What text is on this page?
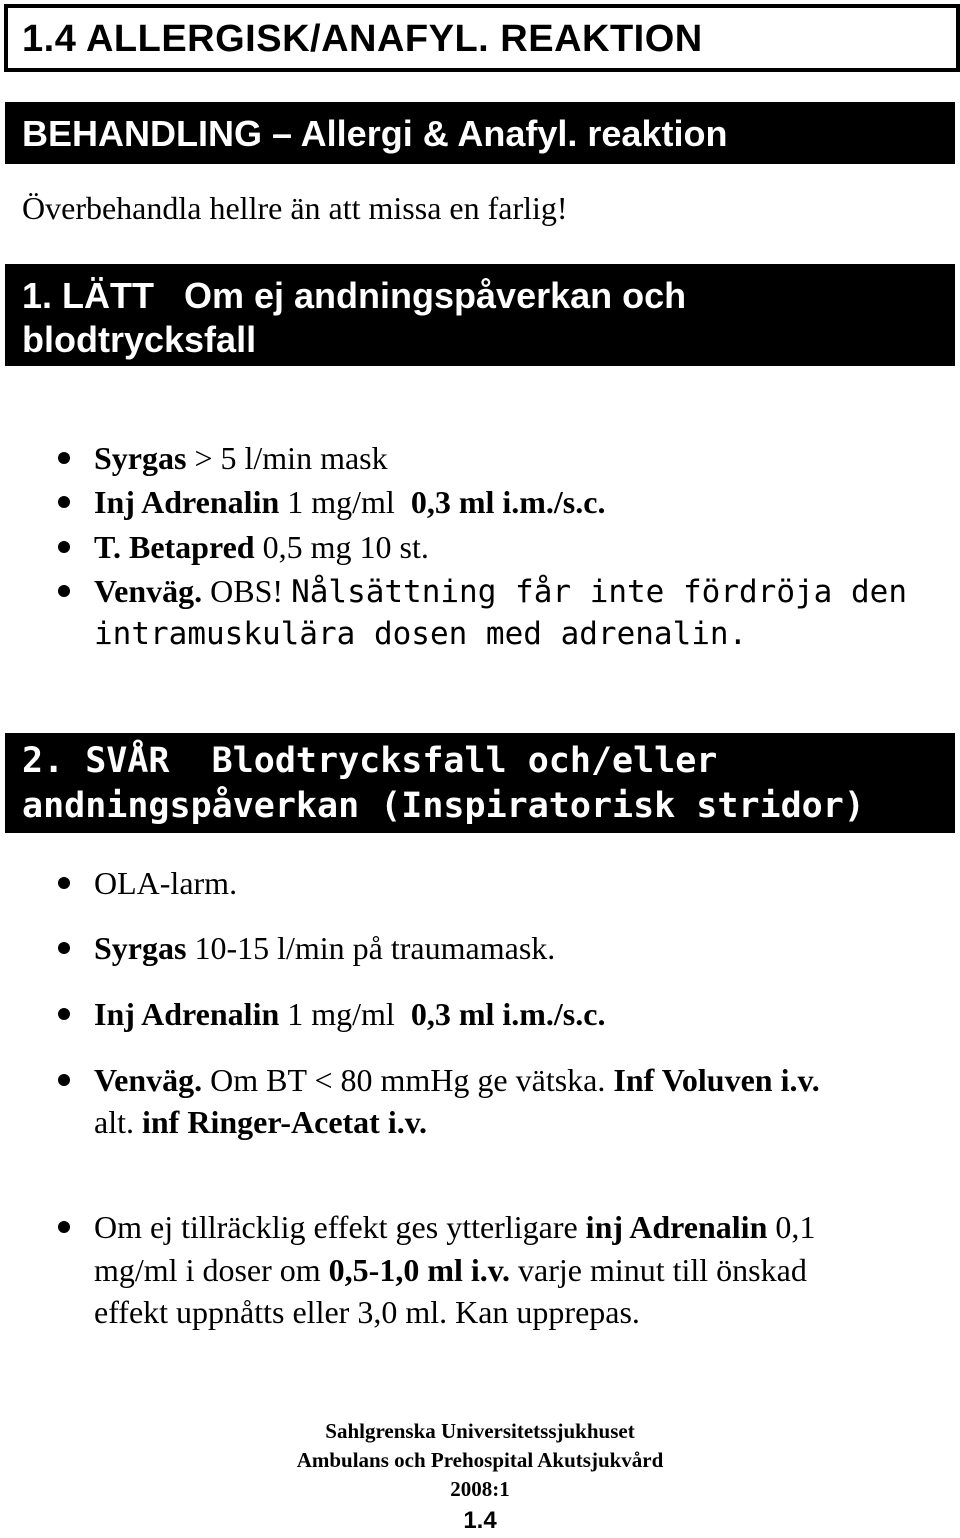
1.4 ALLERGISK/ANAFYL. REAKTION
BEHANDLING – Allergi & Anafyl. reaktion
Överbehandla hellre än att missa en farlig!
1. LÄTT   Om ej andningspåverkan och
blodtrycksfall
Syrgas > 5 l/min mask
Inj Adrenalin 1 mg/ml  0,3 ml i.m./s.c.
T. Betapred 0,5 mg 10 st.
Venväg. OBS! Nålsättning får inte fördröja den
intramuskulära dosen med adrenalin.
2. SVÅR  Blodtrycksfall och/eller
andningspåverkan (Inspiratorisk stridor)
OLA-larm.
Syrgas 10-15 l/min på traumamask.
Inj Adrenalin 1 mg/ml  0,3 ml i.m./s.c.
Venväg. Om BT < 80 mmHg ge vätska. Inf Voluven i.v.
alt. inf Ringer-Acetat i.v.
Om ej tillräcklig effekt ges ytterligare inj Adrenalin 0,1
mg/ml i doser om 0,5-1,0 ml i.v. varje minut till önskad
effekt uppnåtts eller 3,0 ml. Kan upprepas.
Sahlgrenska Universitetssjukhuset
Ambulans och Prehospital Akutsjukvård
2008:1
1.4
